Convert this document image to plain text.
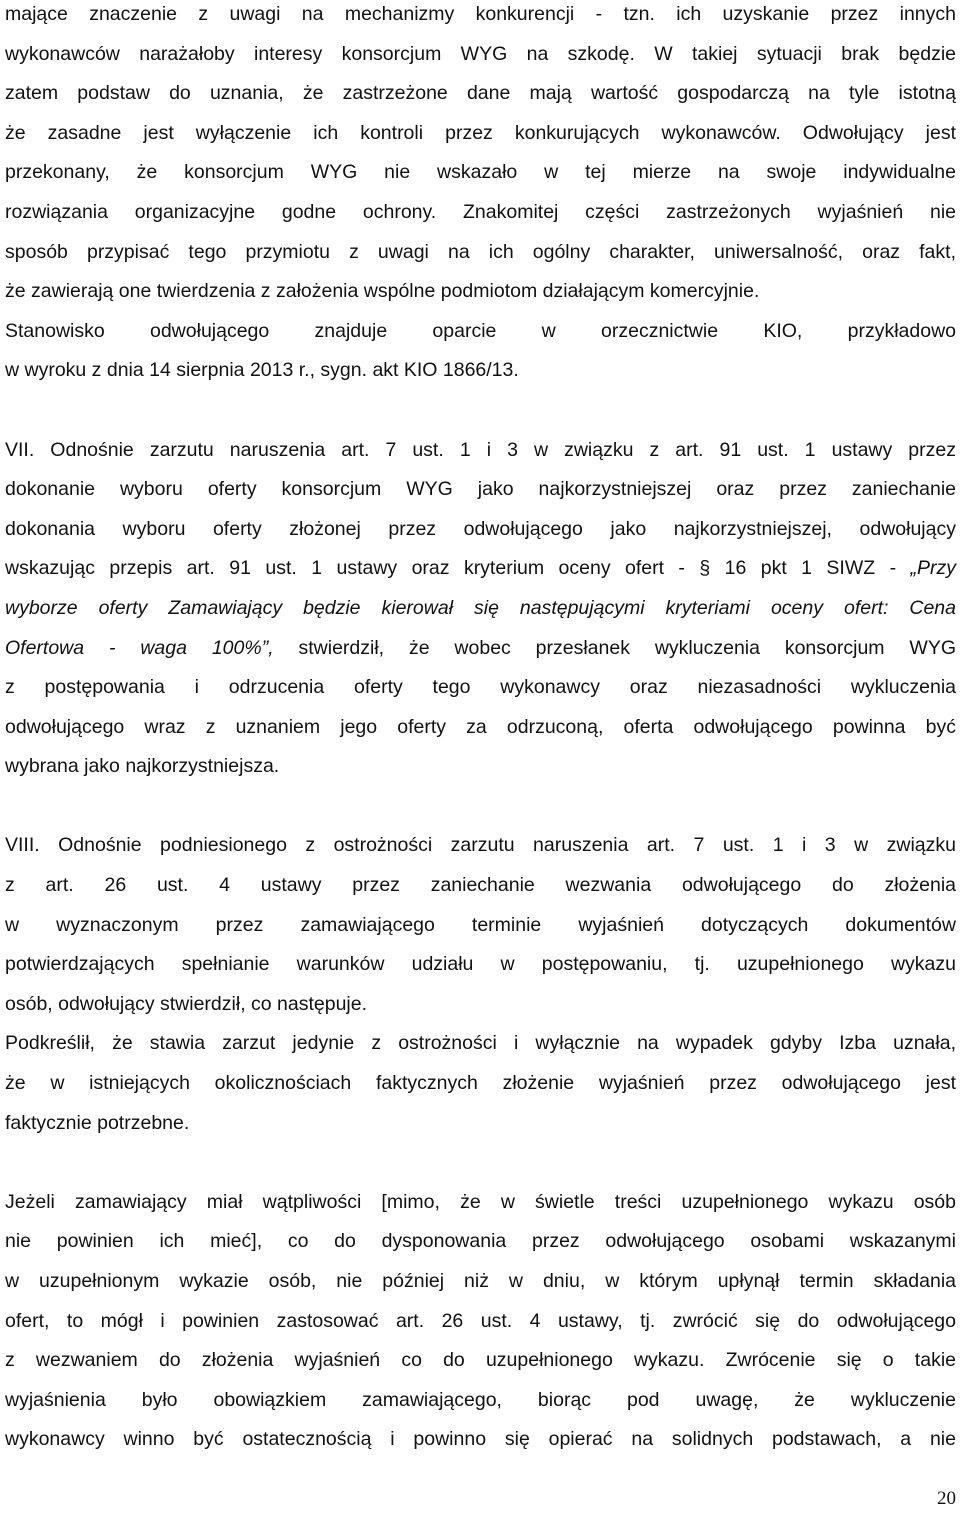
mające znaczenie z uwagi na mechanizmy konkurencji - tzn. ich uzyskanie przez innych
wykonawców narażałoby interesy konsorcjum WYG na szkodę. W takiej sytuacji brak będzie
zatem podstaw do uznania, że zastrzeżone dane mają wartość gospodarczą na tyle istotną
że zasadne jest wyłączenie ich kontroli przez konkurujących wykonawców. Odwołujący jest
przekonany, że konsorcjum WYG nie wskazało w tej mierze na swoje indywidualne
rozwiązania organizacyjne godne ochrony. Znakomitej części zastrzeżonych wyjaśnień nie
sposób przypisać tego przymiotu z uwagi na ich ogólny charakter, uniwersalność, oraz fakt,
że zawierają one twierdzenia z założenia wspólne podmiotom działającym komercyjnie.
Stanowisko odwołującego znajduje oparcie w orzecznictwie KIO, przykładowo
w wyroku z dnia 14 sierpnia 2013 r., sygn. akt KIO 1866/13.
VII. Odnośnie zarzutu naruszenia art. 7 ust. 1 i 3 w związku z art. 91 ust. 1 ustawy przez
dokonanie wyboru oferty konsorcjum WYG jako najkorzystniejszej oraz przez zaniechanie
dokonania wyboru oferty złożonej przez odwołującego jako najkorzystniejszej, odwołujący
wskazując przepis art. 91 ust. 1 ustawy oraz kryterium oceny ofert - § 16 pkt 1 SIWZ - „Przy
wyborze oferty Zamawiający będzie kierował się następującymi kryteriami oceny ofert: Cena
Ofertowa - waga 100%”, stwierdził, że wobec przesłanek wykluczenia konsorcjum WYG
z postępowania i odrzucenia oferty tego wykonawcy oraz niezasadności wykluczenia
odwołującego wraz z uznaniem jego oferty za odrzuconą, oferta odwołującego powinna być
wybrana jako najkorzystniejsza.
VIII. Odnośnie podniesionego z ostrożności zarzutu naruszenia art. 7 ust. 1 i 3 w związku
z art. 26 ust. 4 ustawy przez zaniechanie wezwania odwołującego do złożenia
w wyznaczonym przez zamawiającego terminie wyjaśnień dotyczących dokumentów
potwierdzających spełnianie warunków udziału w postępowaniu, tj. uzupełnionego wykazu
osób, odwołujący stwierdził, co następuje.
Podkreślił, że stawia zarzut jedynie z ostrożności i wyłącznie na wypadek gdyby Izba uznała,
że w istniejących okolicznościach faktycznych złożenie wyjaśnień przez odwołującego jest
faktycznie potrzebne.
Jeżeli zamawiający miał wątpliwości [mimo, że w świetle treści uzupełnionego wykazu osób
nie powinien ich mieć], co do dysponowania przez odwołującego osobami wskazanymi
w uzupełnionym wykazie osób, nie później niż w dniu, w którym upłynął termin składania
ofert, to mógł i powinien zastosować art. 26 ust. 4 ustawy, tj. zwrócić się do odwołującego
z wezwaniem do złożenia wyjaśnień co do uzupełnionego wykazu. Zwrócenie się o takie
wyjaśnienia było obowiązkiem zamawiającego, biorąc pod uwagę, że wykluczenie
wykonawcy winno być ostatecznością i powinno się opierać na solidnych podstawach, a nie
20
